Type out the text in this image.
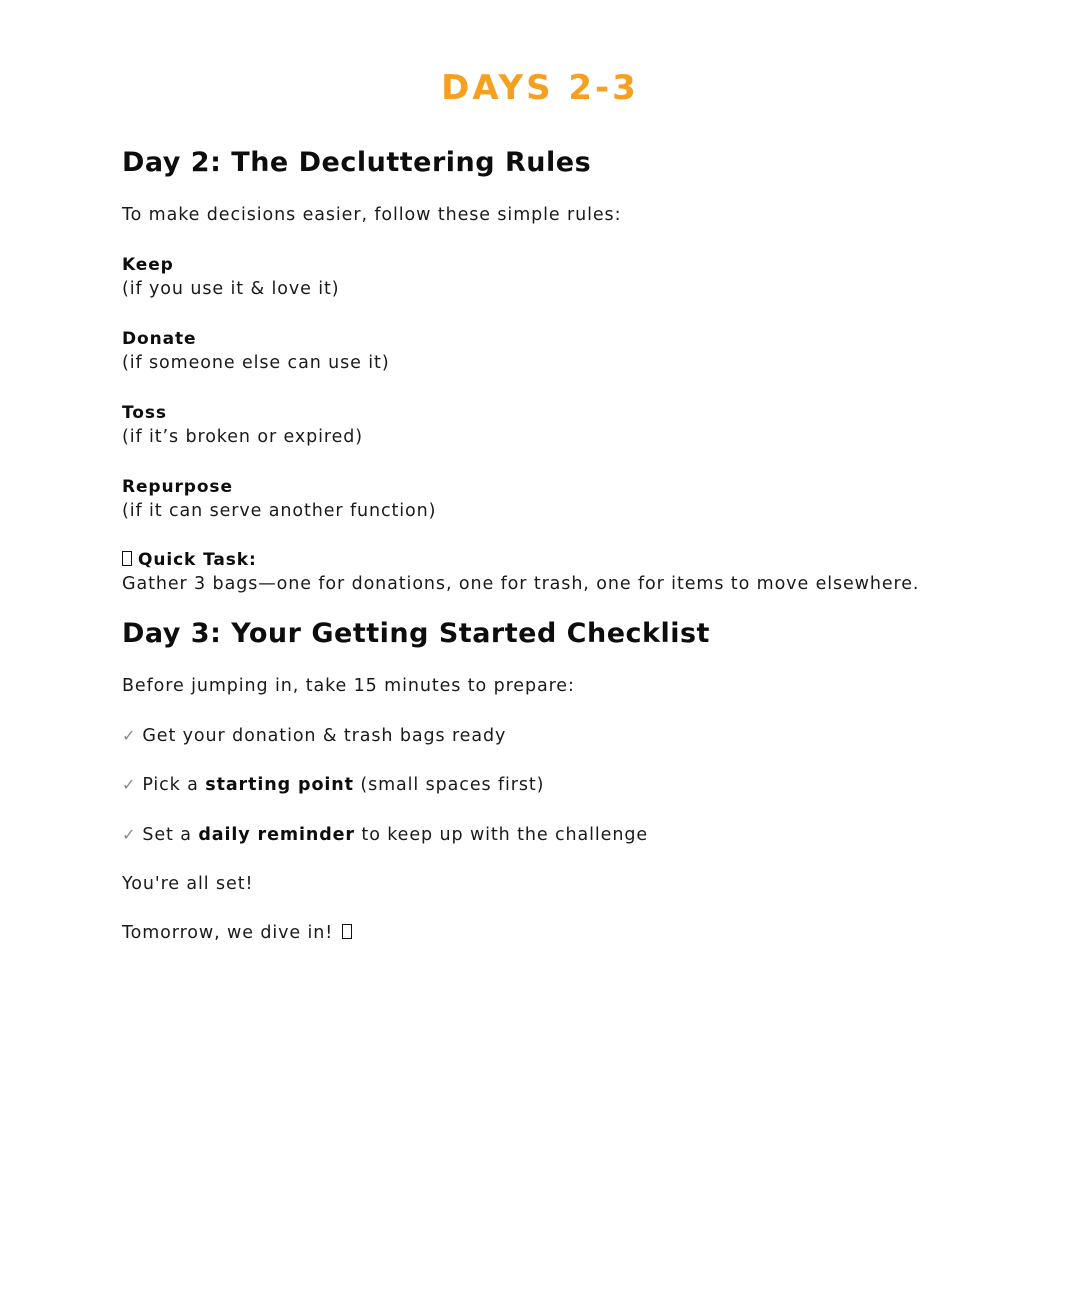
DAYS 2-3
Day 2: The Decluttering Rules
To make decisions easier, follow these simple rules:
Keep
(if you use it & love it)
Donate
(if someone else can use it)
Toss
(if it’s broken or expired)
Repurpose
(if it can serve another function)
Quick Task:
Gather 3 bags—one for donations, one for trash, one for items to move elsewhere.
Day 3: Your Getting Started Checklist
Before jumping in, take 15 minutes to prepare:
✓ Get your donation & trash bags ready
✓ Pick a starting point (small spaces first)
✓ Set a daily reminder to keep up with the challenge
You're all set!
Tomorrow, we dive in!
